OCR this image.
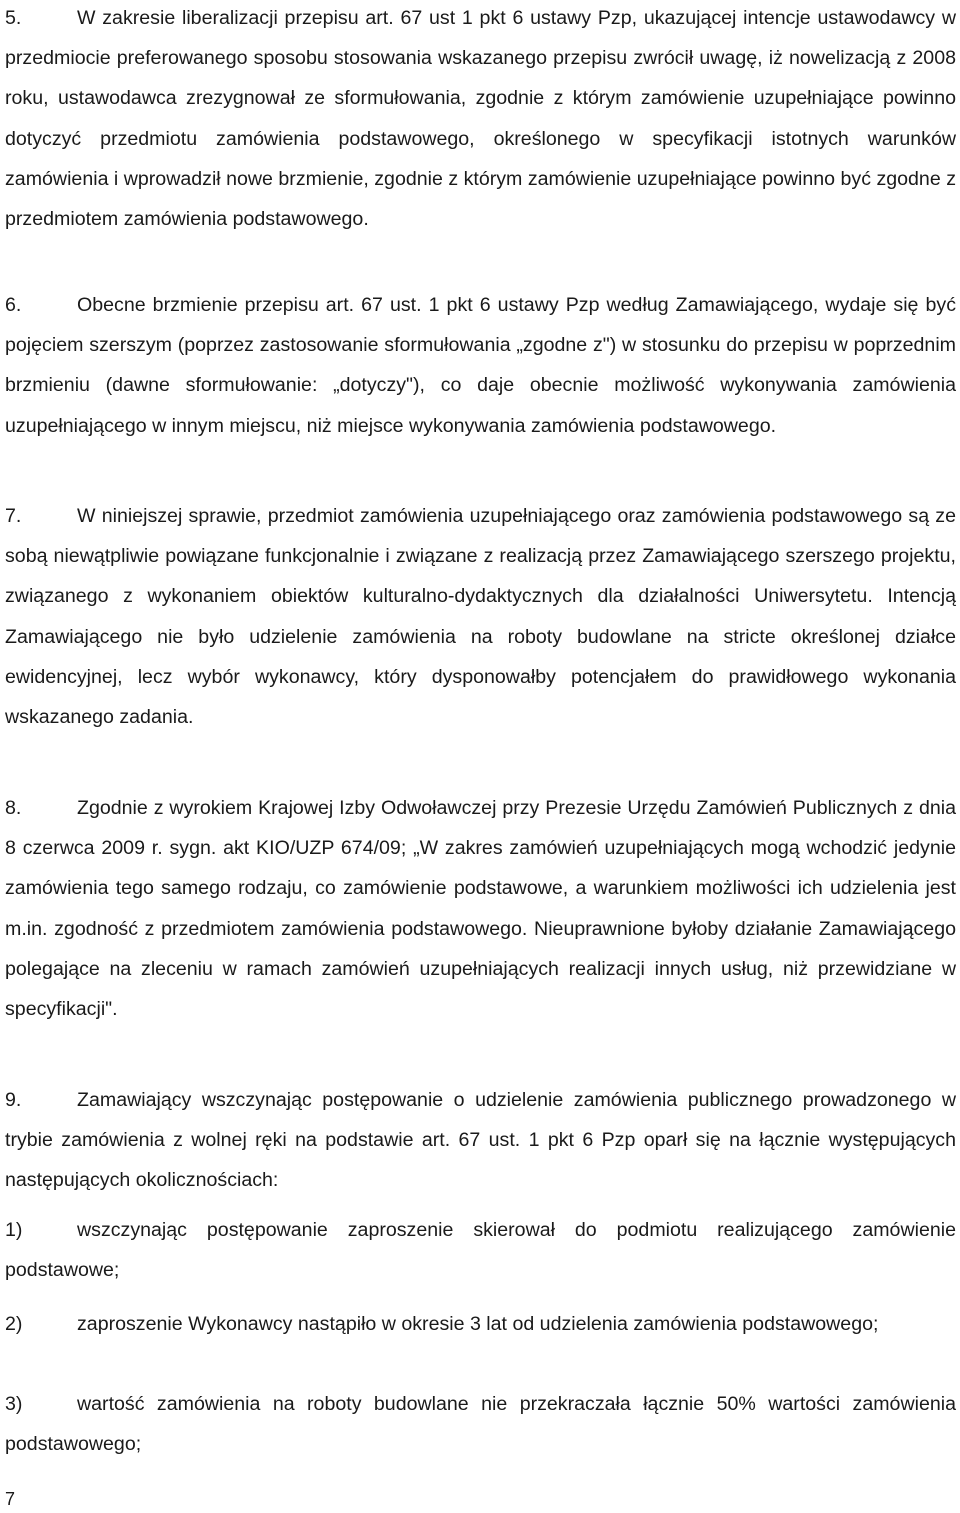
5.	W zakresie liberalizacji przepisu art. 67 ust 1 pkt 6 ustawy Pzp, ukazującej intencje ustawodawcy w przedmiocie preferowanego sposobu stosowania wskazanego przepisu zwrócił uwagę, iż nowelizacją z 2008 roku, ustawodawca zrezygnował ze sformułowania, zgodnie z którym zamówienie uzupełniające powinno dotyczyć przedmiotu zamówienia podstawowego, określonego w specyfikacji istotnych warunków zamówienia i wprowadził nowe brzmienie, zgodnie z którym zamówienie uzupełniające powinno być zgodne z przedmiotem zamówienia podstawowego.

6.	Obecne brzmienie przepisu art. 67 ust. 1 pkt 6 ustawy Pzp według Zamawiającego, wydaje się być pojęciem szerszym (poprzez zastosowanie sformułowania „zgodne z") w stosunku do przepisu w poprzednim brzmieniu (dawne sformułowanie: „dotyczy"), co daje obecnie możliwość wykonywania zamówienia uzupełniającego w innym miejscu, niż miejsce wykonywania zamówienia podstawowego.

7.	W niniejszej sprawie, przedmiot zamówienia uzupełniającego oraz zamówienia podstawowego są ze sobą niewątpliwie powiązane funkcjonalnie i związane z realizacją przez Zamawiającego szerszego projektu, związanego z wykonaniem obiektów kulturalno-dydaktycznych dla działalności Uniwersytetu. Intencją Zamawiającego nie było udzielenie zamówienia na roboty budowlane na stricte określonej działce ewidencyjnej, lecz wybór wykonawcy, który dysponowałby potencjałem do prawidłowego wykonania wskazanego zadania.

8.	Zgodnie z wyrokiem Krajowej Izby Odwoławczej przy Prezesie Urzędu Zamówień Publicznych z dnia 8 czerwca 2009 r. sygn. akt KIO/UZP 674/09; „W zakres zamówień uzupełniających mogą wchodzić jedynie zamówienia tego samego rodzaju, co zamówienie podstawowe, a warunkiem możliwości ich udzielenia jest m.in. zgodność z przedmiotem zamówienia podstawowego. Nieuprawnione byłoby działanie Zamawiającego polegające na zleceniu w ramach zamówień uzupełniających realizacji innych usług, niż przewidziane w specyfikacji".

9.	Zamawiający wszczynając postępowanie o udzielenie zamówienia publicznego prowadzonego w trybie zamówienia z wolnej ręki na podstawie art. 67 ust. 1 pkt 6 Pzp oparł się na łącznie występujących następujących okolicznościach:

1)	wszczynając postępowanie zaproszenie skierował do podmiotu realizującego zamówienie podstawowe;

2)	zaproszenie Wykonawcy nastąpiło w okresie 3 lat od udzielenia zamówienia podstawowego;

3)	wartość zamówienia na roboty budowlane nie przekraczała łącznie 50% wartości zamówienia podstawowego;

7
